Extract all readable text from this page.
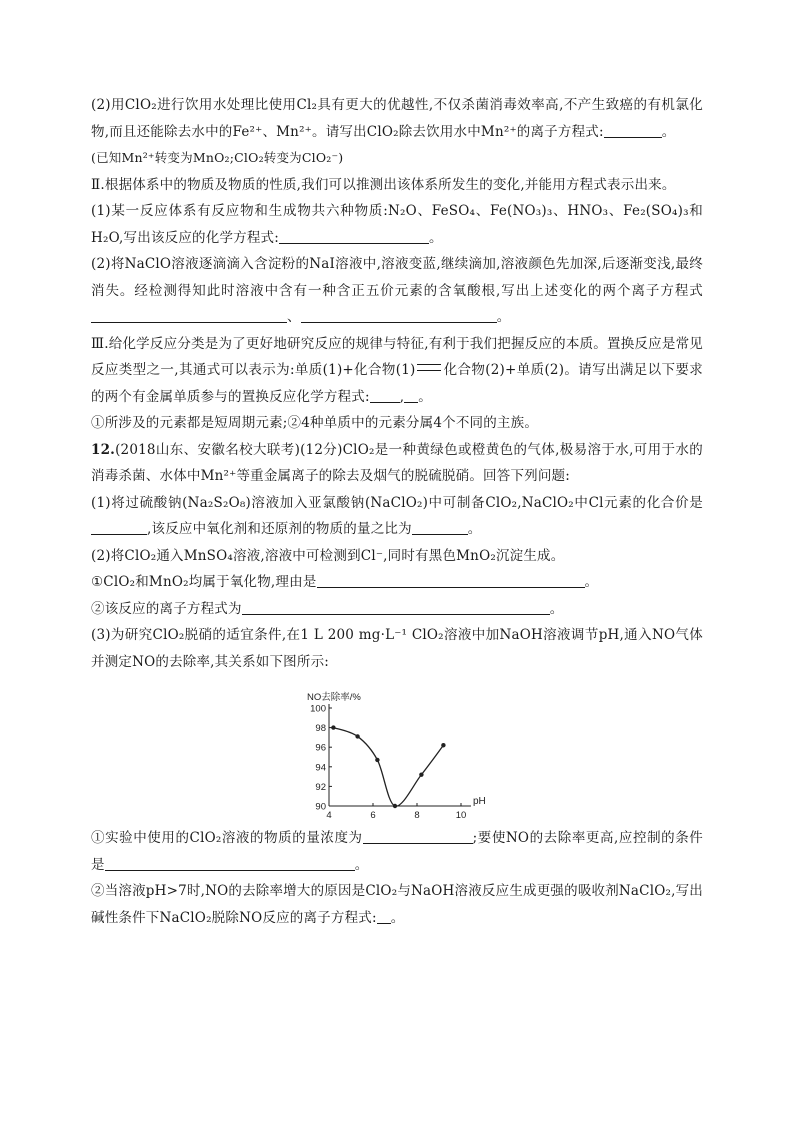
(2)用ClO₂进行饮用水处理比使用Cl₂具有更大的优越性,不仅杀菌消毒效率高,不产生致癌的有机氯化物,而且还能除去水中的Fe²⁺、Mn²⁺。请写出ClO₂除去饮用水中Mn²⁺的离子方程式:	。

(已知Mn²⁺转变为MnO₂;ClO₂转变为ClO₂⁻)

Ⅱ.根据体系中的物质及物质的性质,我们可以推测出该体系所发生的变化,并能用方程式表示出来。

(1)某一反应体系有反应物和生成物共六种物质:N₂O、FeSO₄、Fe(NO₃)₃、HNO₃、Fe₂(SO₄)₃和H₂O,写出该反应的化学方程式:	。

(2)将NaClO溶液逐滴滴入含淀粉的NaI溶液中,溶液变蓝,继续滴加,溶液颜色先加深,后逐渐变浅,最终消失。经检测得知此时溶液中含有一种含正五价元素的含氧酸根,写出上述变化的两个离子方程式、	。

Ⅲ.给化学反应分类是为了更好地研究反应的规律与特征,有利于我们把握反应的本质。置换反应是常见反应类型之一,其通式可以表示为:单质(1)+化合物(1) 化合物(2)+单质(2)。请写出满足以下要求的两个有金属单质参与的置换反应化学方程式: , 。

①所涉及的元素都是短周期元素;②4种单质中的元素分属4个不同的主族。

12.(2018山东、安徽名校大联考)(12分)ClO₂是一种黄绿色或橙黄色的气体,极易溶于水,可用于水的消毒杀菌、水体中Mn²⁺等重金属离子的除去及烟气的脱硫脱硝。回答下列问题:

(1)将过硫酸钠(Na₂S₂O₈)溶液加入亚氯酸钠(NaClO₂)中可制备ClO₂,NaClO₂中Cl元素的化合价是,该反应中氧化剂和还原剂的物质的量之比为	。

(2)将ClO₂通入MnSO₄溶液,溶液中可检测到Cl⁻,同时有黑色MnO₂沉淀生成。

①ClO₂和MnO₂均属于氧化物,理由是	。

②该反应的离子方程式为	。

(3)为研究ClO₂脱硝的适宜条件,在1 L 200 mg·L⁻¹ ClO₂溶液中加NaOH溶液调节pH,通入NO气体并测定NO的去除率,其关系如下图所示:

90
92
94
96
98
100
4	6	8	10
NO去除率/%
pH

①实验中使用的ClO₂溶液的物质的量浓度为	;要使NO的去除率更高,应控制的条件是	。

②当溶液pH>7时,NO的去除率增大的原因是ClO₂与NaOH溶液反应生成更强的吸收剂NaClO₂,写出碱性条件下NaClO₂脱除NO反应的离子方程式: 。
